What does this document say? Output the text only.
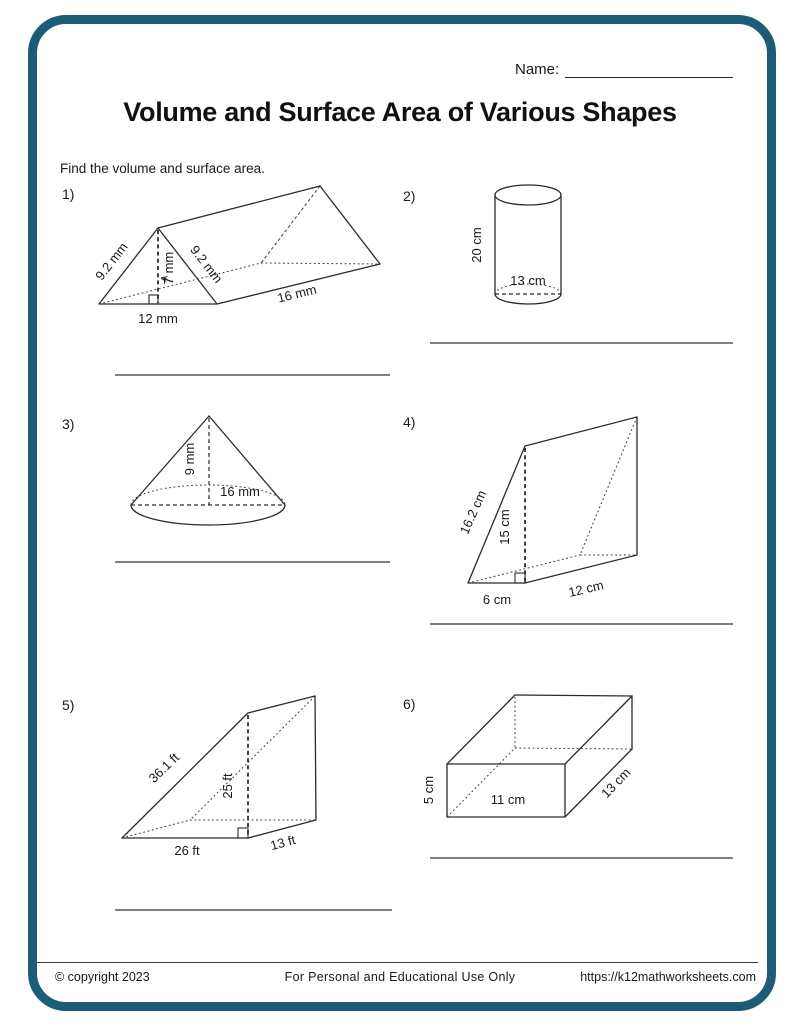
Name:
Volume and Surface Area of Various Shapes
Find the volume and surface area.
1)	2)
3)	4)
5)	6)
9.2 mm	9.2 mm
7 mm
12 mm
16 mm
20 cm
13 cm
9 mm
16 mm	16.2 cm 15 cm
6 cm	12 cm
36.1 ft
25 ft
26 ft	13 ft
5 cm	11 cm	13 cm
© copyright 2023	For Personal and Educational Use Only	https://k12mathworksheets.com
